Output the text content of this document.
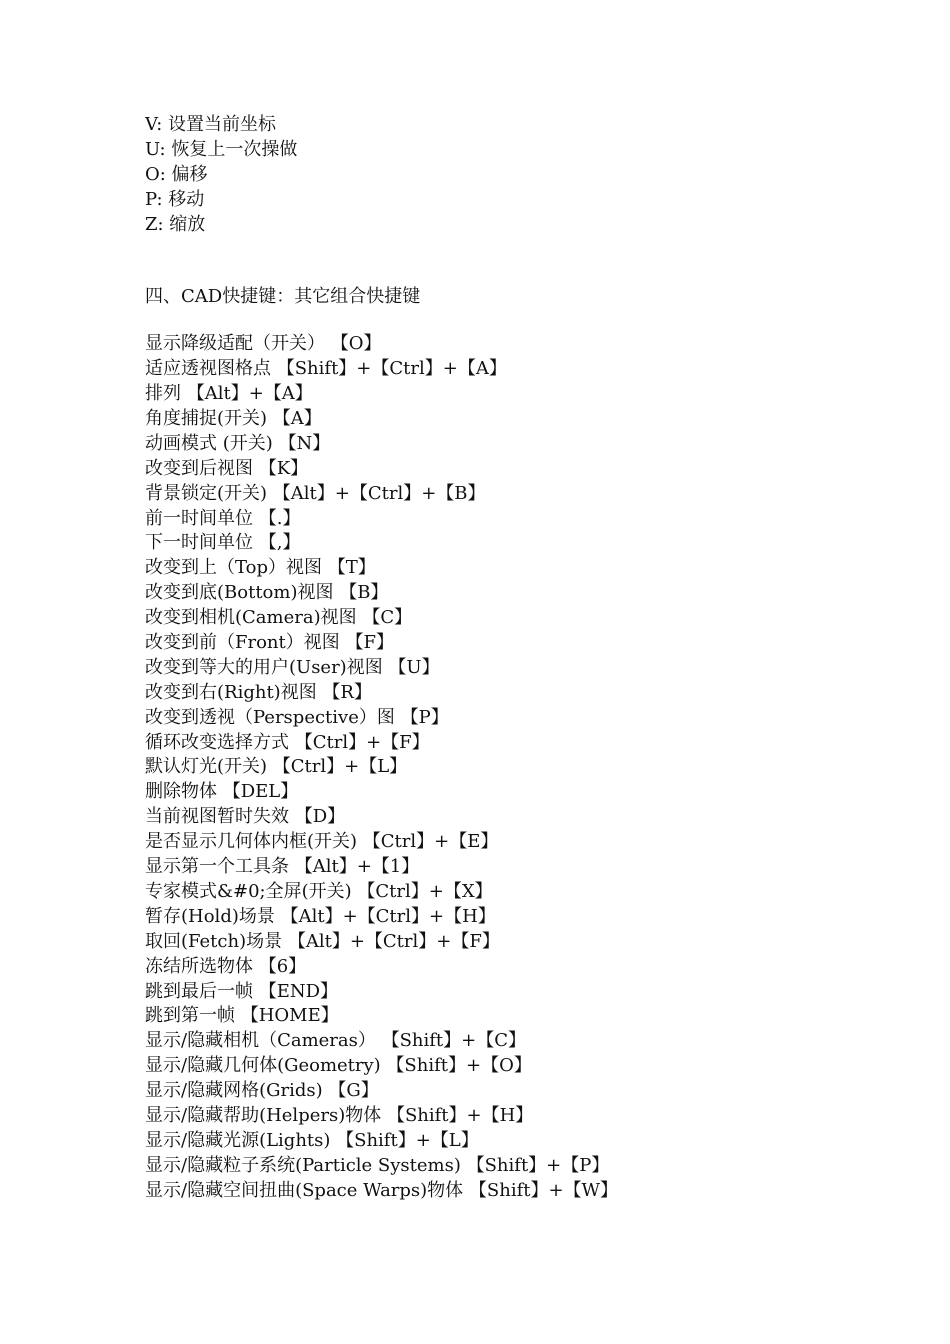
V: 设置当前坐标
U: 恢复上一次操做
O: 偏移
P: 移动
Z: 缩放
四、CAD快捷键：其它组合快捷键
显示降级适配（开关） 【O】
适应透视图格点 【Shift】+【Ctrl】+【A】
排列 【Alt】+【A】
角度捕捉(开关) 【A】
动画模式 (开关) 【N】
改变到后视图 【K】
背景锁定(开关) 【Alt】+【Ctrl】+【B】
前一时间单位 【.】
下一时间单位 【,】
改变到上（Top）视图 【T】
改变到底(Bottom)视图 【B】
改变到相机(Camera)视图 【C】
改变到前（Front）视图 【F】
改变到等大的用户(User)视图 【U】
改变到右(Right)视图 【R】
改变到透视（Perspective）图 【P】
循环改变选择方式 【Ctrl】+【F】
默认灯光(开关) 【Ctrl】+【L】
删除物体 【DEL】
当前视图暂时失效 【D】
是否显示几何体内框(开关) 【Ctrl】+【E】
显示第一个工具条 【Alt】+【1】
专家模式&#0;全屏(开关) 【Ctrl】+【X】
暂存(Hold)场景 【Alt】+【Ctrl】+【H】
取回(Fetch)场景 【Alt】+【Ctrl】+【F】
冻结所选物体 【6】
跳到最后一帧 【END】
跳到第一帧 【HOME】
显示/隐藏相机（Cameras） 【Shift】+【C】
显示/隐藏几何体(Geometry) 【Shift】+【O】
显示/隐藏网格(Grids) 【G】
显示/隐藏帮助(Helpers)物体 【Shift】+【H】
显示/隐藏光源(Lights) 【Shift】+【L】
显示/隐藏粒子系统(Particle Systems) 【Shift】+【P】
显示/隐藏空间扭曲(Space Warps)物体 【Shift】+【W】
